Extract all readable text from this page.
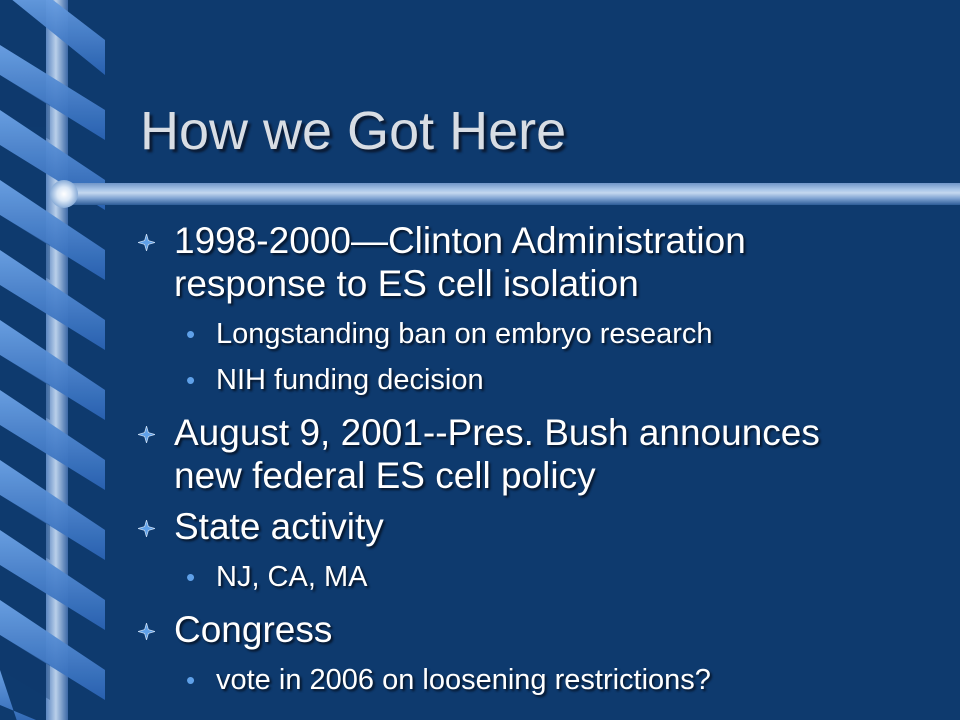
How we Got Here
1998-2000—Clinton Administration
response to ES cell isolation
• Longstanding ban on embryo research
• NIH funding decision
August 9, 2001--Pres. Bush announces
new federal ES cell policy
State activity
• NJ, CA, MA
Congress
• vote in 2006 on loosening restrictions?
